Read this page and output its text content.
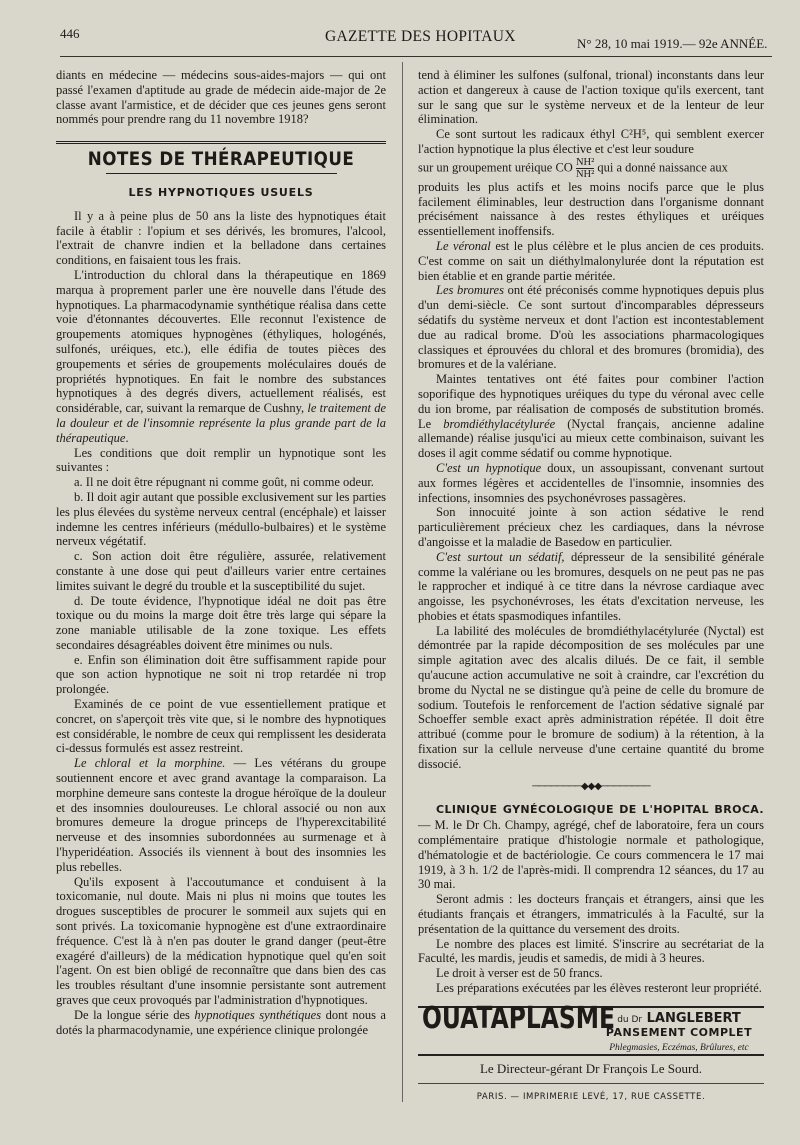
446	GAZETTE DES HOPITAUX	N° 28, 10 mai 1919.— 92e ANNÉE.

diants en médecine — médecins sous-aides-majors — qui ont passé l'examen d'aptitude au grade de médecin aide-major de 2e classe avant l'armistice, et de décider que ces jeunes gens seront nommés pour prendre rang du 11 novembre 1918?

NOTES DE THÉRAPEUTIQUE
LES HYPNOTIQUES USUELS

Il y a à peine plus de 50 ans la liste des hypnotiques était facile à établir : l'opium et ses dérivés, les bromures, l'alcool, l'extrait de chanvre indien et la belladone dans certaines conditions, en faisaient tous les frais.

L'introduction du chloral dans la thérapeutique en 1869 marqua à proprement parler une ère nouvelle dans l'étude des hypnotiques. La pharmacodynamie synthétique réalisa dans cette voie d'étonnantes découvertes. Elle reconnut l'existence de groupements atomiques hypnogènes (éthyliques, hologénés, sulfonés, uréiques, etc.), elle édifia de toutes pièces des groupements et séries de groupements moléculaires doués de propriétés hypnotiques. En fait le nombre des substances hypnotiques à des degrés divers, actuellement réalisés, est considérable, car, suivant la remarque de Cushny, le traitement de la douleur et de l'insomnie représente la plus grande part de la thérapeutique.

Les conditions que doit remplir un hypnotique sont les suivantes :

a. Il ne doit être répugnant ni comme goût, ni comme odeur.

b. Il doit agir autant que possible exclusivement sur les parties les plus élevées du système nerveux central (encéphale) et laisser indemne les centres inférieurs (médullo-bulbaires) et le système nerveux végétatif.

c. Son action doit être régulière, assurée, relativement constante à une dose qui peut d'ailleurs varier entre certaines limites suivant le degré du trouble et la susceptibilité du sujet.

d. De toute évidence, l'hypnotique idéal ne doit pas être toxique ou du moins la marge doit être très large qui sépare la zone maniable utilisable de la zone toxique. Les effets secondaires désagréables doivent être minimes ou nuls.

e. Enfin son élimination doit être suffisamment rapide pour que son action hypnotique ne soit ni trop retardée ni trop prolongée.

Examinés de ce point de vue essentiellement pratique et concret, on s'aperçoit très vite que, si le nombre des hypnotiques est considérable, le nombre de ceux qui remplissent les desiderata ci-dessus formulés est assez restreint.

Le chloral et la morphine. — Les vétérans du groupe soutiennent encore et avec grand avantage la comparaison. La morphine demeure sans conteste la drogue héroïque de la douleur et des insomnies douloureuses. Le chloral associé ou non aux bromures demeure la drogue princeps de l'hyperexcitabilité nerveuse et des insomnies subordonnées au surmenage et à l'hyperidéation. Associés ils viennent à bout des insomnies les plus rebelles.

Qu'ils exposent à l'accoutumance et conduisent à la toxicomanie, nul doute. Mais ni plus ni moins que toutes les drogues susceptibles de procurer le sommeil aux sujets qui en sont privés. La toxicomanie hypnogène est d'une extraordinaire fréquence. C'est là à n'en pas douter le grand danger (peut-être exagéré d'ailleurs) de la médication hypnotique quel qu'en soit l'agent. On est bien obligé de reconnaître que dans bien des cas les troubles résultant d'une insomnie persistante sont autrement graves que ceux provoqués par l'administration d'hypnotiques.

De la longue série des hypnotiques synthétiques dont nous a dotés la pharmacodynamie, une expérience clinique prolongée

tend à éliminer les sulfones (sulfonal, trional) inconstants dans leur action et dangereux à cause de l'action toxique qu'ils exercent, tant sur le sang que sur le système nerveux et de la lenteur de leur élimination.

Ce sont surtout les radicaux éthyl C²H⁵, qui semblent exercer l'action hypnotique la plus élective et c'est leur soudure

sur un groupement uréique CO $\frac{\text{NH²}}{\text{NH²}}$ qui a donné naissance aux

produits les plus actifs et les moins nocifs parce que le plus facilement éliminables, leur destruction dans l'organisme donnant précisément naissance à des restes éthyliques et uréiques essentiellement inoffensifs.

Le véronal est le plus célèbre et le plus ancien de ces produits. C'est comme on sait un diéthylmalonylurée dont la réputation est bien établie et en grande partie méritée.

Les bromures ont été préconisés comme hypnotiques depuis plus d'un demi-siècle. Ce sont surtout d'incomparables dépresseurs sédatifs du système nerveux et dont l'action est incontestablement due au radical brome. D'où les associations pharmacologiques classiques et éprouvées du chloral et des bromures (bromidia), des bromures et de la valériane.

Maintes tentatives ont été faites pour combiner l'action soporifique des hypnotiques uréiques du type du véronal avec celle du ion brome, par réalisation de composés de substitution bromés. Le bromdiéthylacétylurée (Nyctal français, ancienne adaline allemande) réalise jusqu'ici au mieux cette combinaison, suivant les doses il agit comme sédatif ou comme hypnotique.

C'est un hypnotique doux, un assoupissant, convenant surtout aux formes légères et accidentelles de l'insomnie, insomnies des infections, insomnies des psychonévroses passagères.

Son innocuité jointe à son action sédative le rend particulièrement précieux chez les cardiaques, dans la névrose d'angoisse et la maladie de Basedow en particulier.

C'est surtout un sédatif, dépresseur de la sensibilité générale comme la valériane ou les bromures, desquels on ne peut pas ne pas le rapprocher et indiqué à ce titre dans la névrose cardiaque avec angoisse, les psychonévroses, les états d'excitation nerveuse, les phobies et états spasmodiques infantiles.

La labilité des molécules de bromdiéthylacétylurée (Nyctal) est démontrée par la rapide décomposition de ses molécules par une simple agitation avec des alcalis dilués. De ce fait, il semble qu'aucune action accumulative ne soit à craindre, car l'excrétion du brome du Nyctal ne se distingue qu'à peine de celle du bromure de sodium. Toutefois le renforcement de l'action sédative signalé par Schoeffer semble exact après administration répétée. Il doit être attribué (comme pour le bromure de sodium) à la rétention, à la fixation sur la cellule nerveuse d'une certaine quantité du brome dissocié.

────────◆◆◆────────

CLINIQUE GYNÉCOLOGIQUE DE L'HOPITAL BROCA. — M. le Dr Ch. Champy, agrégé, chef de laboratoire, fera un cours complémentaire pratique d'histologie normale et pathologique, d'hématologie et de bactériologie. Ce cours commencera le 17 mai 1919, à 3 h. 1/2 de l'après-midi. Il comprendra 12 séances, du 17 au 30 mai.

Seront admis : les docteurs français et étrangers, ainsi que les étudiants français et étrangers, immatriculés à la Faculté, sur la présentation de la quittance du versement des droits.

Le nombre des places est limité. S'inscrire au secrétariat de la Faculté, les mardis, jeudis et samedis, de midi à 3 heures.

Le droit à verser est de 50 francs.

Les préparations exécutées par les élèves resteront leur propriété.

OUATAPLASME du Dr LANGLEBERT
PANSEMENT COMPLET
Phlegmasies, Eczémas, Brûlures, etc
Le Directeur-gérant Dr François Le Sourd.
PARIS. — IMPRIMERIE LEVÉ, 17, RUE CASSETTE.
